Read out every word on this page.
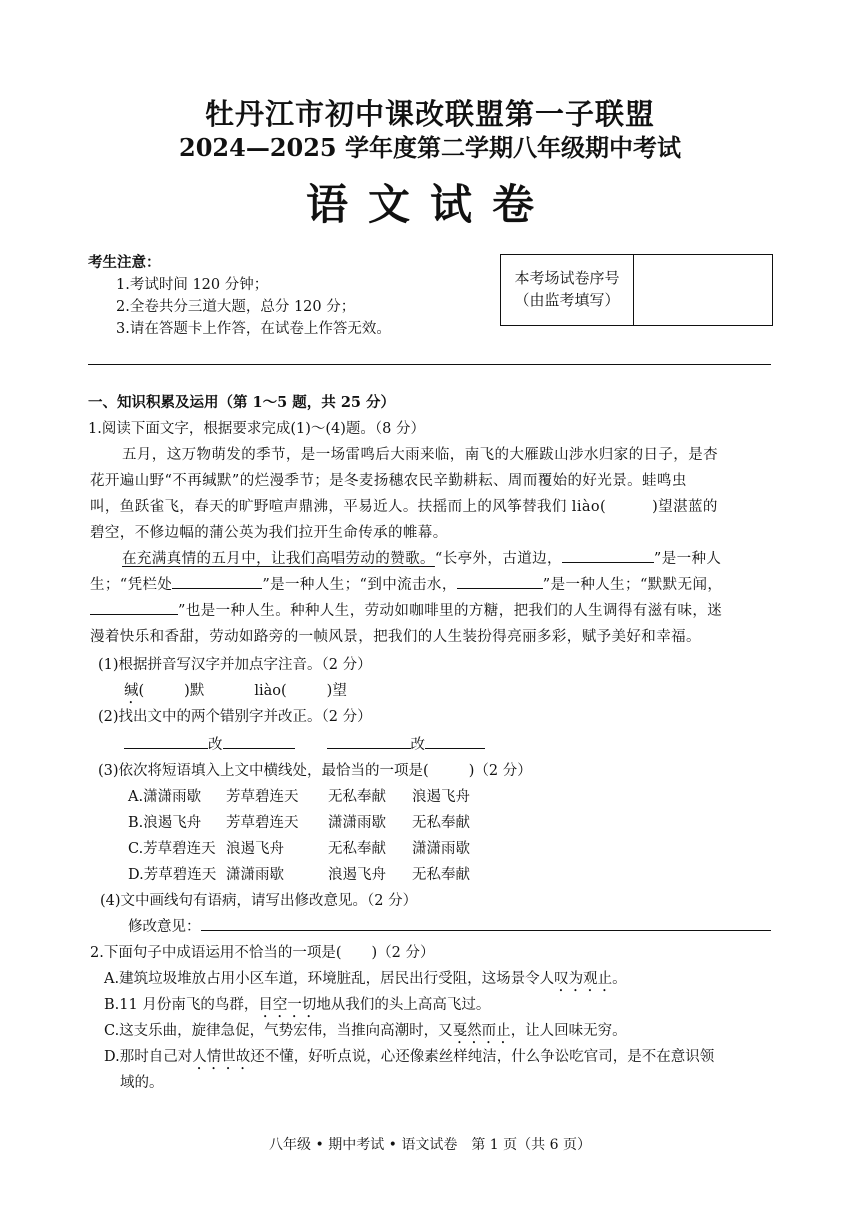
牡丹江市初中课改联盟第一子联盟
2024—2025 学年度第二学期八年级期中考试
语文试卷
考生注意：
1.考试时间 120 分钟；
2.全卷共分三道大题，总分 120 分；
3.请在答题卡上作答，在试卷上作答无效。
本考场试卷序号
（由监考填写）
一、知识积累及运用（第 1～5 题，共 25 分）
1.阅读下面文字，根据要求完成(1)～(4)题。（8 分）
五月，这万物萌发的季节，是一场雷鸣后大雨来临，南飞的大雁跋山涉水归家的日子，是杏
花开遍山野“不再缄默”的烂漫季节；是冬麦扬穗农民辛勤耕耘、周而覆始的好光景。蛙鸣虫
叫，鱼跃雀飞，春天的旷野喧声鼎沸，平易近人。扶摇而上的风筝替我们 liào(	)望湛蓝的
碧空，不修边幅的蒲公英为我们拉开生命传承的帷幕。
在充满真情的五月中，让我们高唱劳动的赞歌。“长亭外，古道边，	”是一种人
生；“凭栏处	”是一种人生；“到中流击水，	”是一种人生；“默默无闻，
”也是一种人生。种种人生，劳动如咖啡里的方糖，把我们的人生调得有滋有味，迷
漫着快乐和香甜，劳动如路旁的一帧风景，把我们的人生装扮得亮丽多彩，赋予美好和幸福。
(1)根据拼音写汉字并加点字注音。（2 分）
缄(	)默	liào(	)望
(2)找出文中的两个错别字并改正。（2 分）
改	改
(3)依次将短语填入上文中横线处，最恰当的一项是(	)（2 分）
A.潇潇雨歇 芳草碧连天 无私奉献 浪遏飞舟
B.浪遏飞舟 芳草碧连天 潇潇雨歇 无私奉献
C.芳草碧连天 浪遏飞舟	无私奉献 潇潇雨歇
D.芳草碧连天 潇潇雨歇	浪遏飞舟 无私奉献
(4)文中画线句有语病，请写出修改意见。（2 分）
修改意见：
2.下面句子中成语运用不恰当的一项是( )（2 分）
A.建筑垃圾堆放占用小区车道，环境脏乱，居民出行受阻，这场景令人叹为观止。
B.11 月份南飞的鸟群，目空一切地从我们的头上高高飞过。
C.这支乐曲，旋律急促，气势宏伟，当推向高潮时，又戛然而止，让人回味无穷。
D.那时自己对人情世故还不懂，好听点说，心还像素丝样纯洁，什么争讼吃官司，是不在意识领
域的。
八年级 • 期中考试 • 语文试卷　第 1 页（共 6 页）
